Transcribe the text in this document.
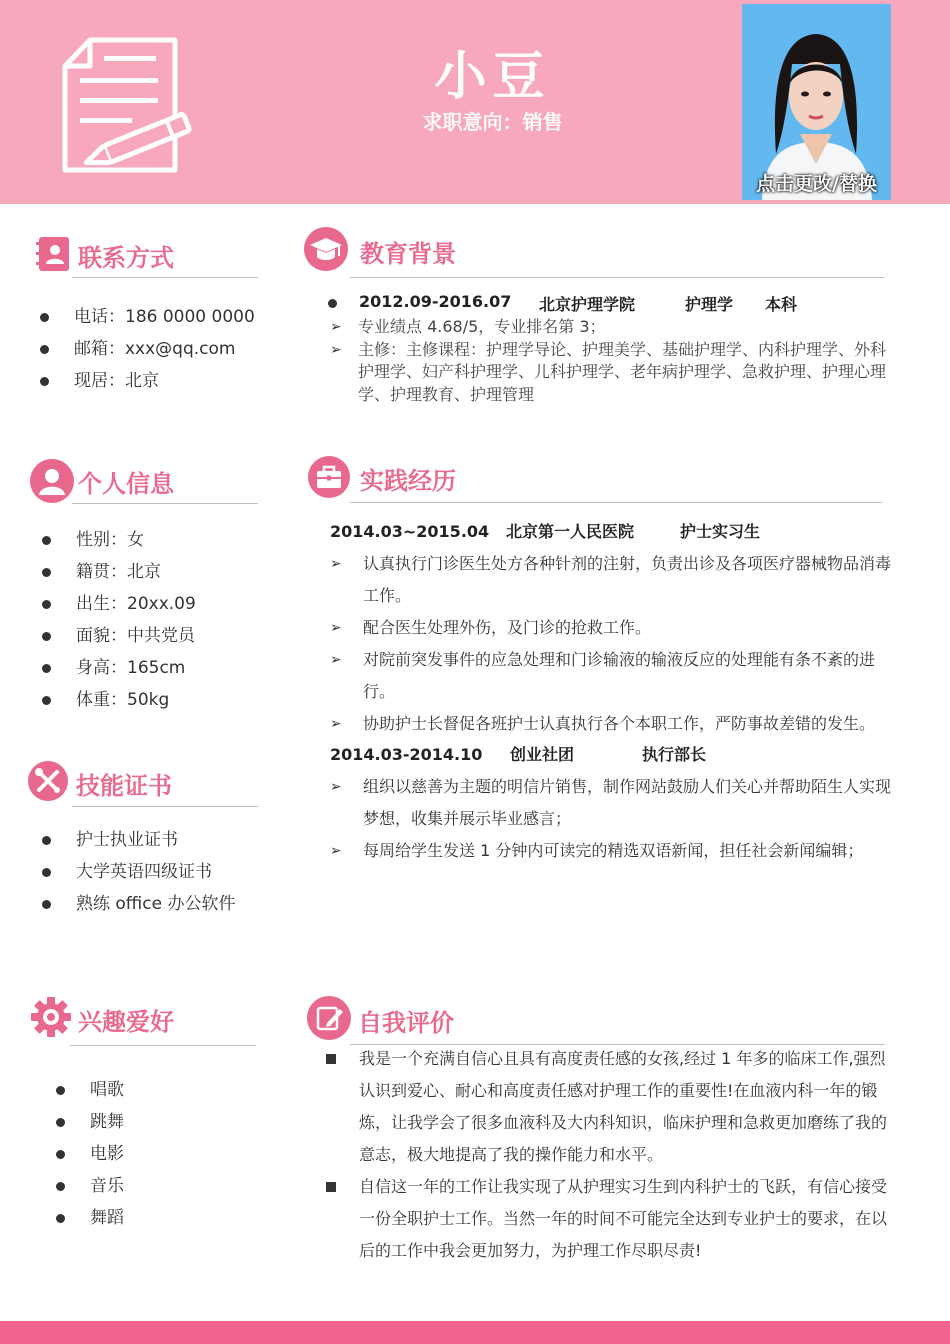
小豆
求职意向：销售
点击更改/替换
联系方式
电话：186 0000 0000
邮箱：xxx@qq.com
现居：北京
个人信息
性别：女
籍贯：北京
出生：20xx.09
面貌：中共党员
身高：165cm
体重：50kg
技能证书
护士执业证书
大学英语四级证书
熟练 office 办公软件
兴趣爱好
唱歌
跳舞
电影
音乐
舞蹈
教育背景
2012.09-2016.07 北京护理学院	护理学 本科
➢ 专业绩点 4.68/5，专业排名第 3；
➢ 主修：主修课程：护理学导论、护理美学、基础护理学、内科护理学、外科护理学、妇产科护理学、儿科护理学、老年病护理学、急救护理、护理心理学、护理教育、护理管理
实践经历
2014.03~2015.04 北京第一人民医院	护士实习生
➢ 认真执行门诊医生处方各种针剂的注射，负责出诊及各项医疗器械物品消毒工作。
➢ 配合医生处理外伤，及门诊的抢救工作。
➢ 对院前突发事件的应急处理和门诊输液的输液反应的处理能有条不紊的进行。
➢ 协助护士长督促各班护士认真执行各个本职工作，严防事故差错的发生。
2014.03-2014.10 创业社团	执行部长
➢ 组织以慈善为主题的明信片销售，制作网站鼓励人们关心并帮助陌生人实现梦想，收集并展示毕业感言；
➢ 每周给学生发送 1 分钟内可读完的精选双语新闻，担任社会新闻编辑；
自我评价
我是一个充满自信心且具有高度责任感的女孩,经过 1 年多的临床工作,强烈认识到爱心、耐心和高度责任感对护理工作的重要性!在血液内科一年的锻炼，让我学会了很多血液科及大内科知识，临床护理和急救更加磨练了我的意志，极大地提高了我的操作能力和水平。
自信这一年的工作让我实现了从护理实习生到内科护士的飞跃，有信心接受一份全职护士工作。当然一年的时间不可能完全达到专业护士的要求，在以后的工作中我会更加努力，为护理工作尽职尽责!
